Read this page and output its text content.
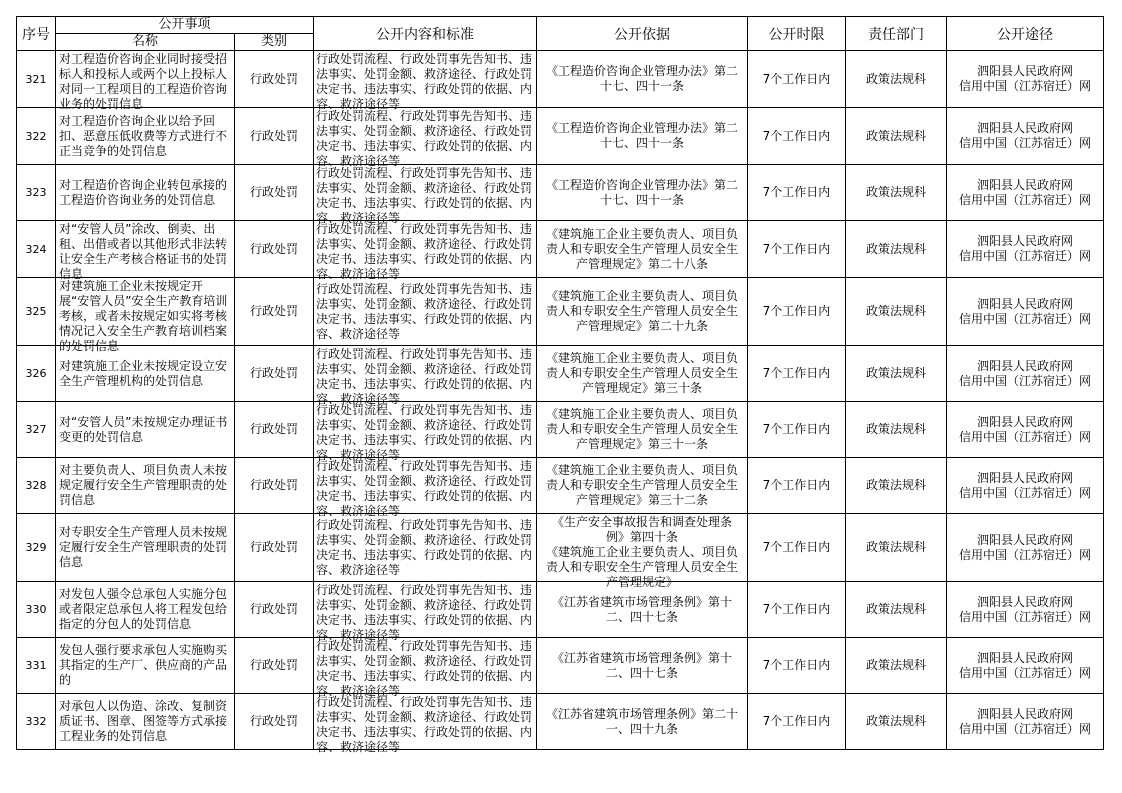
序号	公开事项		公开内容和标准	公开依据	公开时限	责任部门	公开途径
	名称	类别					

321	对工程造价咨询企业同时接受招标人和投标人或两个以上投标人对同一工程项目的工程造价咨询业务的处罚信息	行政处罚	行政处罚流程、行政处罚事先告知书、违法事实、处罚金额、救济途径、行政处罚决定书、违法事实、行政处罚的依据、内容、救济途径等	《工程造价咨询企业管理办法》第二十七、四十一条	7个工作日内	政策法规科	泗阳县人民政府网
信用中国（江苏宿迁）网

322	对工程造价咨询企业以给予回扣、恶意压低收费等方式进行不正当竞争的处罚信息	行政处罚	行政处罚流程、行政处罚事先告知书、违法事实、处罚金额、救济途径、行政处罚决定书、违法事实、行政处罚的依据、内容、救济途径等	《工程造价咨询企业管理办法》第二十七、四十一条	7个工作日内	政策法规科	泗阳县人民政府网
信用中国（江苏宿迁）网

323	对工程造价咨询企业转包承接的工程造价咨询业务的处罚信息	行政处罚	行政处罚流程、行政处罚事先告知书、违法事实、处罚金额、救济途径、行政处罚决定书、违法事实、行政处罚的依据、内容、救济途径等	《工程造价咨询企业管理办法》第二十七、四十一条	7个工作日内	政策法规科	泗阳县人民政府网
信用中国（江苏宿迁）网

324	对“安管人员”涂改、倒卖、出租、出借或者以其他形式非法转让安全生产考核合格证书的处罚信息	行政处罚	行政处罚流程、行政处罚事先告知书、违法事实、处罚金额、救济途径、行政处罚决定书、违法事实、行政处罚的依据、内容、救济途径等	《建筑施工企业主要负责人、项目负责人和专职安全生产管理人员安全生产管理规定》第二十八条	7个工作日内	政策法规科	泗阳县人民政府网
信用中国（江苏宿迁）网

325	对建筑施工企业未按规定开展“安管人员”安全生产教育培训考核，或者未按规定如实将考核情况记入安全生产教育培训档案的处罚信息	行政处罚	行政处罚流程、行政处罚事先告知书、违法事实、处罚金额、救济途径、行政处罚决定书、违法事实、行政处罚的依据、内容、救济途径等	《建筑施工企业主要负责人、项目负责人和专职安全生产管理人员安全生产管理规定》第二十九条	7个工作日内	政策法规科	泗阳县人民政府网
信用中国（江苏宿迁）网

326	对建筑施工企业未按规定设立安全生产管理机构的处罚信息	行政处罚	行政处罚流程、行政处罚事先告知书、违法事实、处罚金额、救济途径、行政处罚决定书、违法事实、行政处罚的依据、内容、救济途径等	《建筑施工企业主要负责人、项目负责人和专职安全生产管理人员安全生产管理规定》第三十条	7个工作日内	政策法规科	泗阳县人民政府网
信用中国（江苏宿迁）网

327	对“安管人员”未按规定办理证书变更的处罚信息	行政处罚	行政处罚流程、行政处罚事先告知书、违法事实、处罚金额、救济途径、行政处罚决定书、违法事实、行政处罚的依据、内容、救济途径等	《建筑施工企业主要负责人、项目负责人和专职安全生产管理人员安全生产管理规定》第三十一条	7个工作日内	政策法规科	泗阳县人民政府网
信用中国（江苏宿迁）网

328	对主要负责人、项目负责人未按规定履行安全生产管理职责的处罚信息	行政处罚	行政处罚流程、行政处罚事先告知书、违法事实、处罚金额、救济途径、行政处罚决定书、违法事实、行政处罚的依据、内容、救济途径等	《建筑施工企业主要负责人、项目负责人和专职安全生产管理人员安全生产管理规定》第三十二条	7个工作日内	政策法规科	泗阳县人民政府网
信用中国（江苏宿迁）网

329	对专职安全生产管理人员未按规定履行安全生产管理职责的处罚信息	行政处罚	行政处罚流程、行政处罚事先告知书、违法事实、处罚金额、救济途径、行政处罚决定书、违法事实、行政处罚的依据、内容、救济途径等	《生产安全事故报告和调查处理条例》第四十条
《建筑施工企业主要负责人、项目负责人和专职安全生产管理人员安全生产管理规定》	7个工作日内	政策法规科	泗阳县人民政府网
信用中国（江苏宿迁）网

330	对发包人强令总承包人实施分包或者限定总承包人将工程发包给指定的分包人的处罚信息	行政处罚	行政处罚流程、行政处罚事先告知书、违法事实、处罚金额、救济途径、行政处罚决定书、违法事实、行政处罚的依据、内容、救济途径等	《江苏省建筑市场管理条例》第十二、四十七条	7个工作日内	政策法规科	泗阳县人民政府网
信用中国（江苏宿迁）网

331	发包人强行要求承包人实施购买其指定的生产厂、供应商的产品的	行政处罚	行政处罚流程、行政处罚事先告知书、违法事实、处罚金额、救济途径、行政处罚决定书、违法事实、行政处罚的依据、内容、救济途径等	《江苏省建筑市场管理条例》第十二、四十七条	7个工作日内	政策法规科	泗阳县人民政府网
信用中国（江苏宿迁）网

332	对承包人以伪造、涂改、复制资质证书、图章、图签等方式承接工程业务的处罚信息	行政处罚	行政处罚流程、行政处罚事先告知书、违法事实、处罚金额、救济途径、行政处罚决定书、违法事实、行政处罚的依据、内容、救济途径等	《江苏省建筑市场管理条例》第二十一、四十九条	7个工作日内	政策法规科	泗阳县人民政府网
信用中国（江苏宿迁）网
